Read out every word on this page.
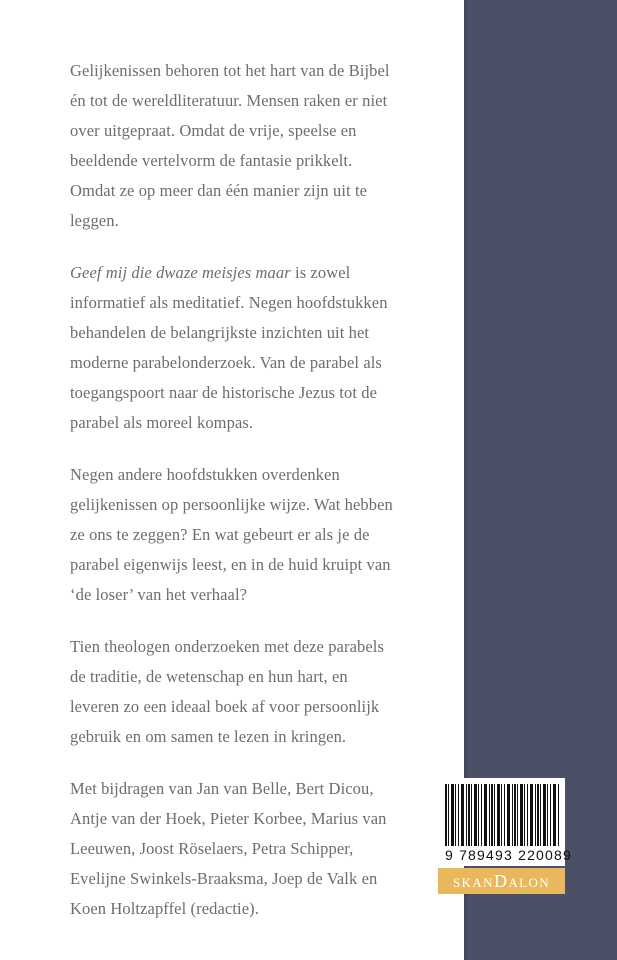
Gelijkenissen behoren tot het hart van de Bijbel én tot de wereldliteratuur. Mensen raken er niet over uitgepraat. Omdat de vrije, speelse en beeldende vertelvorm de fantasie prikkelt. Omdat ze op meer dan één manier zijn uit te leggen.

Geef mij die dwaze meisjes maar is zowel informatief als meditatief. Negen hoofdstukken behandelen de belangrijkste inzichten uit het moderne parabelonderzoek. Van de parabel als toegangspoort naar de historische Jezus tot de parabel als moreel kompas.

Negen andere hoofdstukken overdenken gelijkenissen op persoonlijke wijze. Wat hebben ze ons te zeggen? En wat gebeurt er als je de parabel eigenwijs leest, en in de huid kruipt van ‘de loser’ van het verhaal?

Tien theologen onderzoeken met deze parabels de traditie, de wetenschap en hun hart, en leveren zo een ideaal boek af voor persoonlijk gebruik en om samen te lezen in kringen.

Met bijdragen van Jan van Belle, Bert Dicou, Antje van der Hoek, Pieter Korbee, Marius van Leeuwen, Joost Röselaers, Petra Schipper, Evelijne Swinkels-Braaksma, Joep de Valk en Koen Holtzapffel (redactie).

9 789493 220089
SKANDALON
